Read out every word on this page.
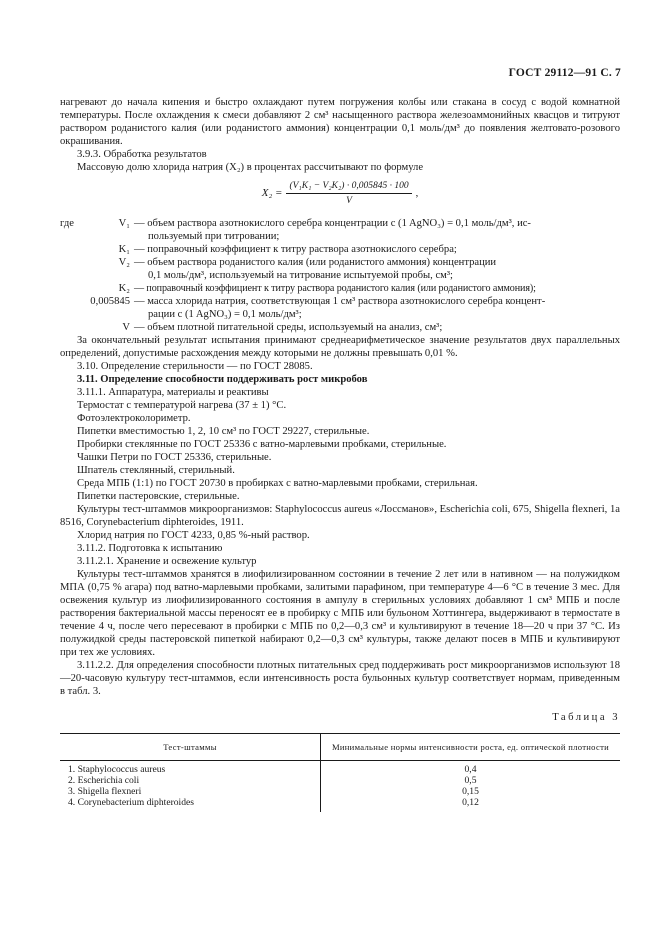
ГОСТ 29112—91 С. 7

нагревают до начала кипения и быстро охлаждают путем погружения колбы или стакана в сосуд с водой комнатной температуры. После охлаждения к смеси добавляют 2 см³ насыщенного раствора железоаммонийных квасцов и титруют раствором роданистого калия (или роданистого аммония) концентрации 0,1 моль/дм³ до появления желтовато-розового окрашивания.

3.9.3. Обработка результатов

Массовую долю хлорида натрия (X₂) в процентах рассчитывают по формуле

$X_2 = \frac{\text{(V₁K₁ − V₂K₂) · 0,005845 · 100}}{V}$ ,
где	V₁ — объем раствора азотнокислого серебра концентрации c (1 AgNO₃) = 0,1 моль/дм³, ис-
пользуемый при титровании;
K₁ — поправочный коэффициент к титру раствора азотнокислого серебра;
V₂ — объем раствора роданистого калия (или роданистого аммония) концентрации
0,1 моль/дм³, используемый на титрование испытуемой пробы, см³;
K₂ — поправочный коэффициент к титру раствора роданистого калия (или роданистого аммония);
0,005845 — масса хлорида натрия, соответствующая 1 см³ раствора азотнокислого серебра концент-
рации c (1 AgNO₃) = 0,1 моль/дм³;
V — объем плотной питательной среды, используемый на анализ, см³;

За окончательный результат испытания принимают среднеарифметическое значение результатов двух параллельных определений, допустимые расхождения между которыми не должны превышать 0,01 %.

3.10. Определение стерильности — по ГОСТ 28085.

3.11. Определение способности поддерживать рост микробов

3.11.1. Аппаратура, материалы и реактивы

Термостат с температурой нагрева (37 ± 1) °С.

Фотоэлектроколориметр.

Пипетки вместимостью 1, 2, 10 см³ по ГОСТ 29227, стерильные.

Пробирки стеклянные по ГОСТ 25336 с ватно-марлевыми пробками, стерильные.

Чашки Петри по ГОСТ 25336, стерильные.

Шпатель стеклянный, стерильный.

Среда МПБ (1:1) по ГОСТ 20730 в пробирках с ватно-марлевыми пробками, стерильная.

Пипетки пастеровские, стерильные.

Культуры тест-штаммов микроорганизмов: Staphylococcus aureus «Лоссманов», Escherichia coli, 675, Shigella flexneri, 1a 8516, Corynebacterium diphteroides, 1911.

Хлорид натрия по ГОСТ 4233, 0,85 %-ный раствор.

3.11.2. Подготовка к испытанию

3.11.2.1. Хранение и освежение культур

Культуры тест-штаммов хранятся в лиофилизированном состоянии в течение 2 лет или в нативном — на полужидком МПА (0,75 % агара) под ватно-марлевыми пробками, залитыми парафином, при температуре 4—6 °С в течение 3 мес. Для освежения культур из лиофилизированного состояния в ампулу в стерильных условиях добавляют 1 см³ МПБ и после растворения бактериальной массы переносят ее в пробирку с МПБ или бульоном Хоттингера, выдерживают в термостате в течение 4 ч, после чего пересевают в пробирки с МПБ по 0,2—0,3 см³ и культивируют в течение 18—20 ч при 37 °С. Из полужидкой среды пастеровской пипеткой набирают 0,2—0,3 см³ культуры, также делают посев в МПБ и культивируют при тех же условиях.

3.11.2.2. Для определения способности плотных питательных сред поддерживать рост микроорганизмов используют 18—20-часовую культуру тест-штаммов, если интенсивность роста бульонных культур соответствует нормам, приведенным в табл. 3.

Таблица 3
Тест-штаммы	Минимальные нормы интенсивности роста, ед. оптической плотности
1. Staphylococcus aureus	0,4
2. Escherichia coli	0,5
3. Shigella flexneri	0,15
4. Corynebacterium diphteroides	0,12
